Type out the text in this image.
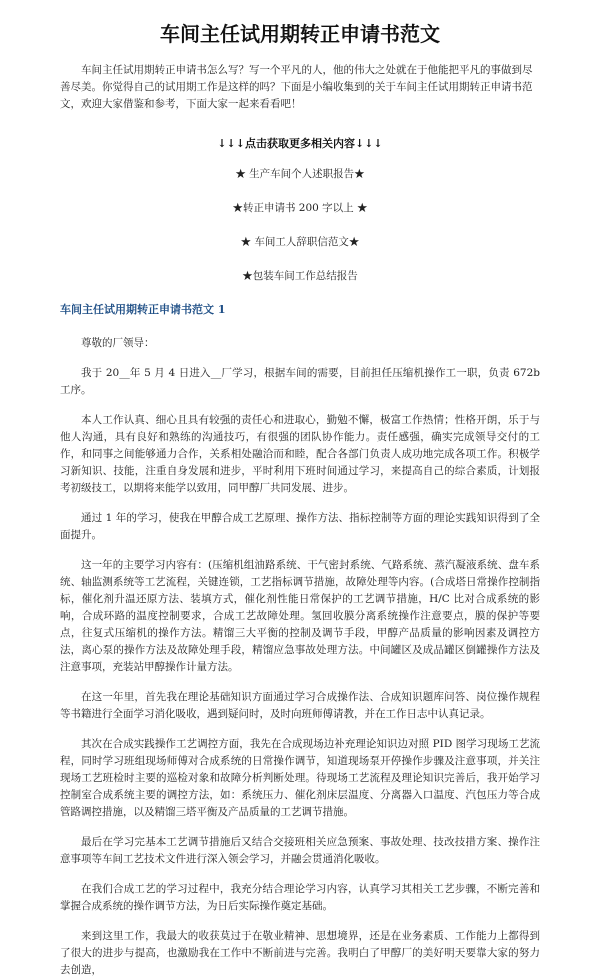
车间主任试用期转正申请书范文

车间主任试用期转正申请书怎么写？写一个平凡的人，他的伟大之处就在于他能把平凡的事做到尽善尽美。你觉得自己的试用期工作是这样的吗？下面是小编收集到的关于车间主任试用期转正申请书范文，欢迎大家借鉴和参考，下面大家一起来看看吧！

↓↓↓点击获取更多相关内容↓↓↓

★ 生产车间个人述职报告★

★转正申请书 200 字以上 ★

★ 车间工人辞职信范文★

★包装车间工作总结报告

车间主任试用期转正申请书范文 1

尊敬的厂领导：

我于 20__年 5 月 4 日进入__厂学习，根据车间的需要，目前担任压缩机操作工一职，负责 672b 工序。

本人工作认真、细心且具有较强的责任心和进取心，勤勉不懈，极富工作热情；性格开朗，乐于与他人沟通，具有良好和熟练的沟通技巧，有很强的团队协作能力。责任感强，确实完成领导交付的工作，和同事之间能够通力合作，关系相处融洽而和睦，配合各部门负责人成功地完成各项工作。积极学习新知识、技能，注重自身发展和进步，平时利用下班时间通过学习，来提高自己的综合素质，计划报考初级技工，以期将来能学以致用，同甲醇厂共同发展、进步。

通过 1 年的学习，使我在甲醇合成工艺原理、操作方法、指标控制等方面的理论实践知识得到了全面提升。

这一年的主要学习内容有：(压缩机组油路系统、干气密封系统、气路系统、蒸汽凝液系统、盘车系统、轴监测系统等工艺流程，关键连锁，工艺指标调节措施，故障处理等内容。(合成塔日常操作控制指标，催化剂升温还原方法、装填方式，催化剂性能日常保护的工艺调节措施，H/C 比对合成系统的影响，合成环路的温度控制要求，合成工艺故障处理。氢回收膜分离系统操作注意要点，膜的保护等要点，往复式压缩机的操作方法。精馏三大平衡的控制及调节手段，甲醇产品质量的影响因素及调控方法，离心泵的操作方法及故障处理手段，精馏应急事故处理方法。中间罐区及成品罐区倒罐操作方法及注意事项，充装站甲醇操作计量方法。

在这一年里，首先我在理论基础知识方面通过学习合成操作法、合成知识题库问答、岗位操作规程等书籍进行全面学习消化吸收，遇到疑问时，及时向班师傅请教，并在工作日志中认真记录。

其次在合成实践操作工艺调控方面，我先在合成现场边补充理论知识边对照 PID 图学习现场工艺流程，同时学习班组现场师傅对合成系统的日常操作调节，知道现场泵开停操作步骤及注意事项，并关注现场工艺班检时主要的巡检对象和故障分析判断处理。待现场工艺流程及理论知识完善后，我开始学习控制室合成系统主要的调控方法，如：系统压力、催化剂床层温度、分离器入口温度、汽包压力等合成管路调控措施，以及精馏三塔平衡及产品质量的工艺调节措施。

最后在学习完基本工艺调节措施后又结合交接班相关应急预案、事故处理、技改技措方案、操作注意事项等车间工艺技术文件进行深入领会学习，并融会贯通消化吸收。

在我们合成工艺的学习过程中，我充分结合理论学习内容，认真学习其相关工艺步骤，不断完善和掌握合成系统的操作调节方法，为日后实际操作奠定基础。

来到这里工作，我最大的收获莫过于在敬业精神、思想境界，还是在业务素质、工作能力上都得到了很大的进步与提高，也激励我在工作中不断前进与完善。我明白了甲醇厂的美好明天要靠大家的努力去创造，
